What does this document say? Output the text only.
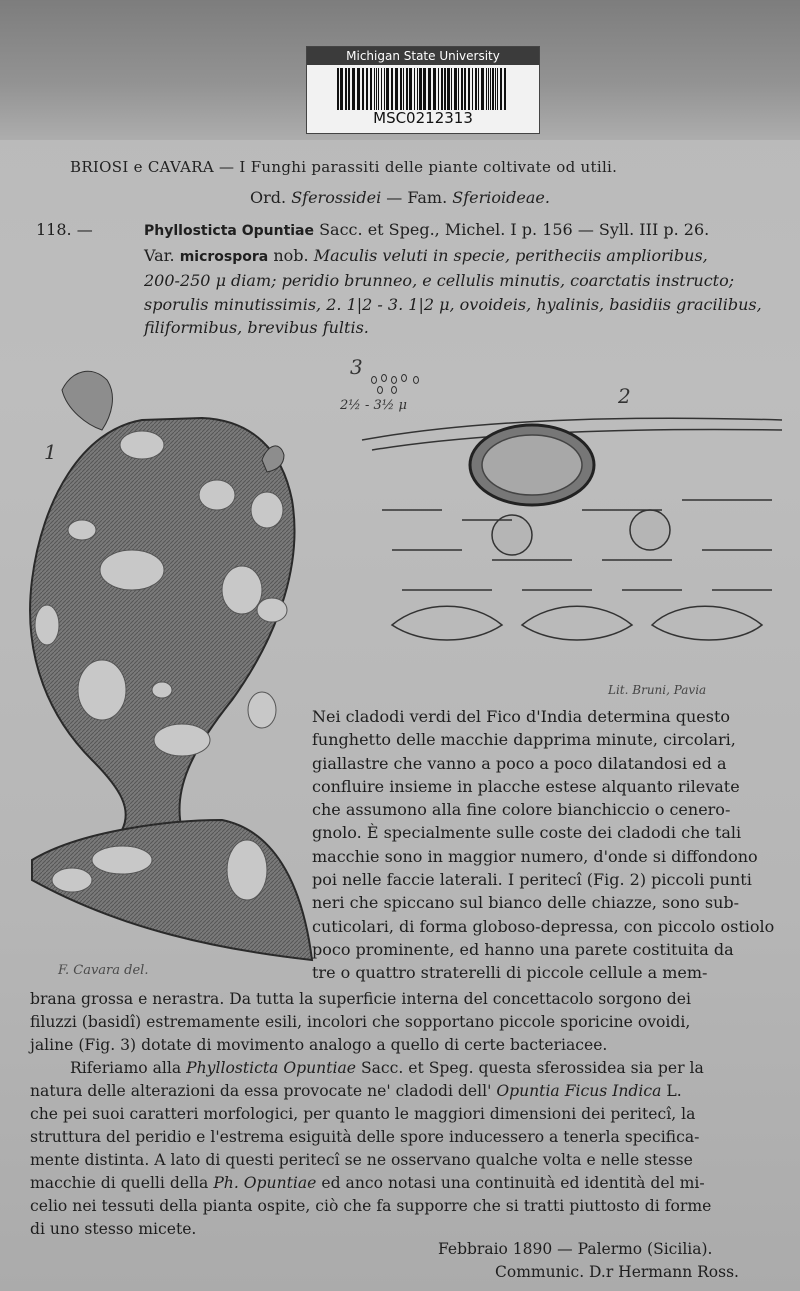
Michigan State University
MSC0212313
BRIOSI e CAVARA — I Funghi parassiti delle piante coltivate od utili.
Ord. Sferossidei — Fam. Sferioideae.
118. —	Phyllosticta Opuntiae Sacc. et Speg., Michel. I p. 156 — Syll. III p. 26.
Var. microspora nob. Maculis veluti in specie, peritheciis amplioribus,
200-250 μ diam; peridio brunneo, e cellulis minutis, coarctatis instructo;
sporulis minutissimis, 2. 1|2 - 3. 1|2 μ, ovoideis, hyalinis, basidiis gracilibus,
filiformibus, brevibus fultis.
1
2
3
2½ - 3½ μ
Lit. Bruni, Pavia
F. Cavara del.
Nei cladodi verdi del Fico d'India determina questo
funghetto delle macchie dapprima minute, circolari,
giallastre che vanno a poco a poco dilatandosi ed a
confluire insieme in placche estese alquanto rilevate
che assumono alla fine colore bianchiccio o cenero-
gnolo. È specialmente sulle coste dei cladodi che tali
macchie sono in maggior numero, d'onde si diffondono
poi nelle faccie laterali. I peritecî (Fig. 2) piccoli punti
neri che spiccano sul bianco delle chiazze, sono sub-
cuticolari, di forma globoso-depressa, con piccolo ostiolo
poco prominente, ed hanno una parete costituita da
tre o quattro straterelli di piccole cellule a mem-
brana grossa e nerastra. Da tutta la superficie interna del concettacolo sorgono dei
filuzzi (basidî) estremamente esili, incolori che sopportano piccole sporicine ovoidi,
jaline (Fig. 3) dotate di movimento analogo a quello di certe bacteriacee.
Riferiamo alla Phyllosticta Opuntiae Sacc. et Speg. questa sferossidea sia per la
natura delle alterazioni da essa provocate ne' cladodi dell' Opuntia Ficus Indica L.
che pei suoi caratteri morfologici, per quanto le maggiori dimensioni dei peritecî, la
struttura del peridio e l'estrema esiguità delle spore inducessero a tenerla specifica-
mente distinta. A lato di questi peritecî se ne osservano qualche volta e nelle stesse
macchie di quelli della Ph. Opuntiae ed anco notasi una continuità ed identità del mi-
celio nei tessuti della pianta ospite, ciò che fa supporre che si tratti piuttosto di forme
di uno stesso micete.
Febbraio 1890 — Palermo (Sicilia).
Communic. D.r Hermann Ross.
